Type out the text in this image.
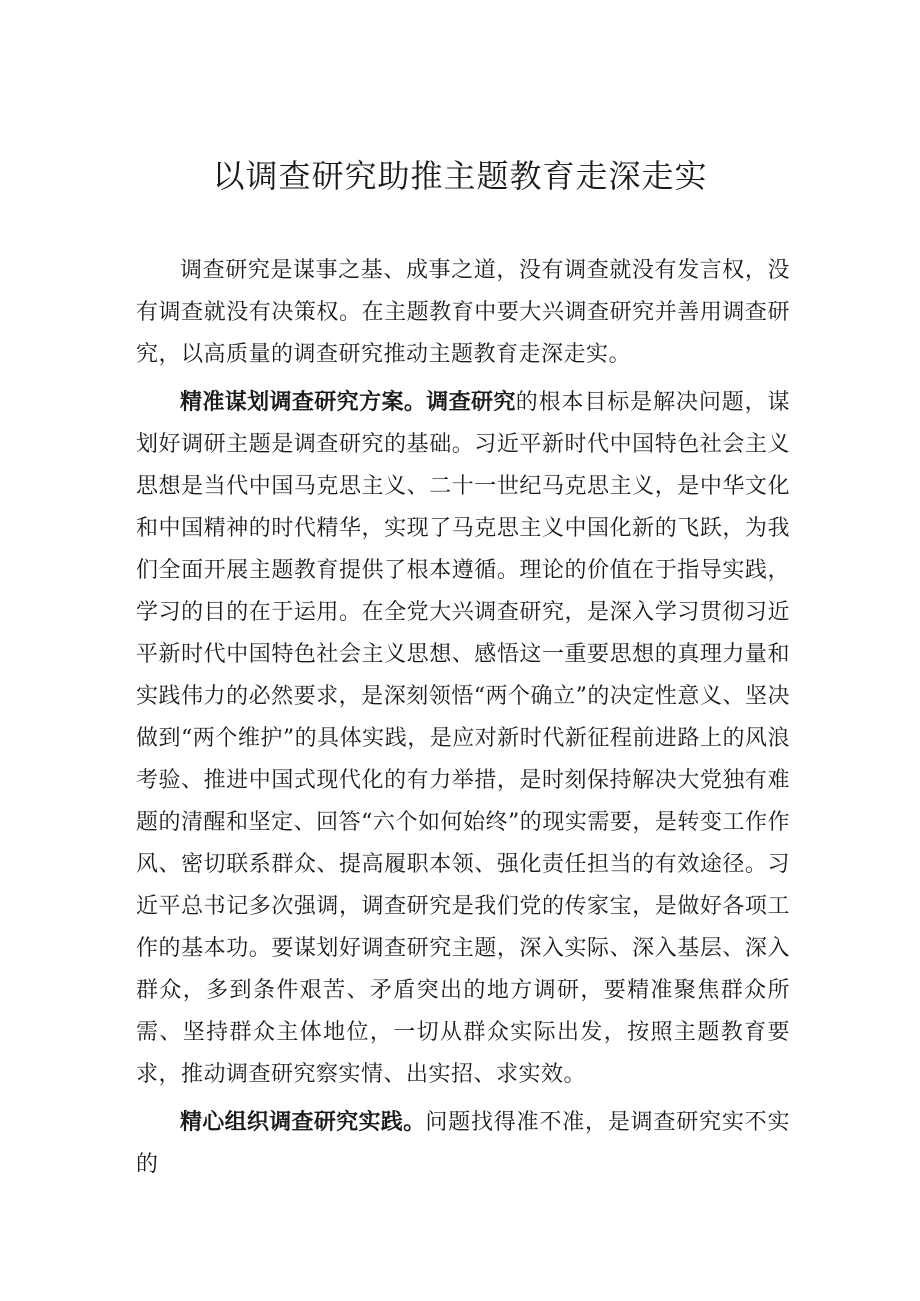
以调查研究助推主题教育走深走实

调查研究是谋事之基、成事之道，没有调查就没有发言权，没有调查就没有决策权。在主题教育中要大兴调查研究并善用调查研究，以高质量的调查研究推动主题教育走深走实。

精准谋划调查研究方案。调查研究的根本目标是解决问题，谋划好调研主题是调查研究的基础。习近平新时代中国特色社会主义思想是当代中国马克思主义、二十一世纪马克思主义，是中华文化和中国精神的时代精华，实现了马克思主义中国化新的飞跃，为我们全面开展主题教育提供了根本遵循。理论的价值在于指导实践，学习的目的在于运用。在全党大兴调查研究，是深入学习贯彻习近平新时代中国特色社会主义思想、感悟这一重要思想的真理力量和实践伟力的必然要求，是深刻领悟“两个确立”的决定性意义、坚决做到“两个维护”的具体实践，是应对新时代新征程前进路上的风浪考验、推进中国式现代化的有力举措，是时刻保持解决大党独有难题的清醒和坚定、回答“六个如何始终”的现实需要，是转变工作作风、密切联系群众、提高履职本领、强化责任担当的有效途径。习近平总书记多次强调，调查研究是我们党的传家宝，是做好各项工作的基本功。要谋划好调查研究主题，深入实际、深入基层、深入群众，多到条件艰苦、矛盾突出的地方调研，要精准聚焦群众所需、坚持群众主体地位，一切从群众实际出发，按照主题教育要求，推动调查研究察实情、出实招、求实效。

精心组织调查研究实践。问题找得准不准，是调查研究实不实的
